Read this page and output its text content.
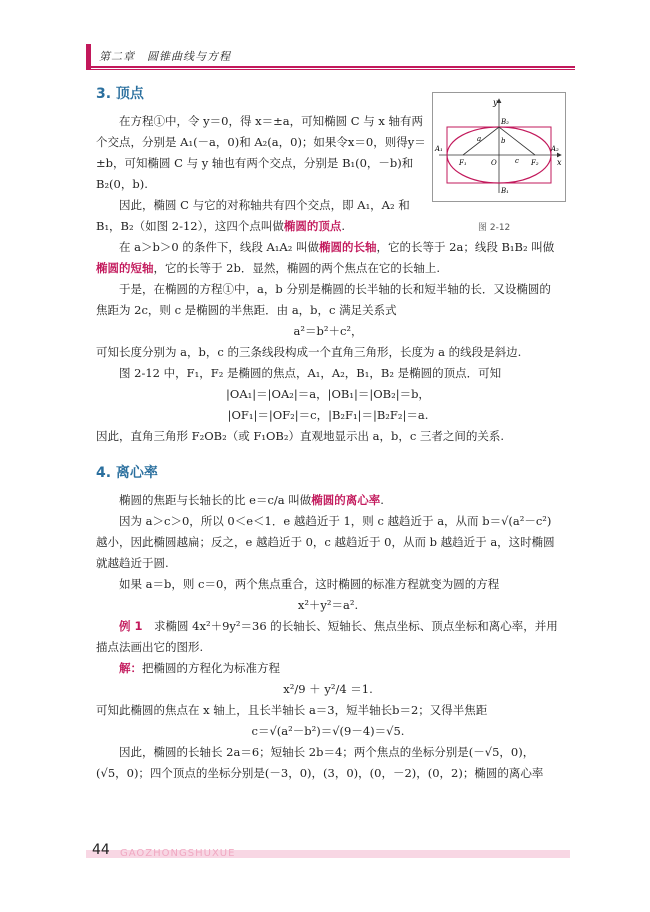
第二章　圆锥曲线与方程
y
x
B₂
B₁
A₁	A₂
F₁	F₂
O
a	b
c
图 2-12
3. 顶点

在方程①中，令 y＝0，得 x＝±a，可知椭圆 C 与 x 轴有两个交点，分别是 A₁(－a，0)和 A₂(a，0)；如果令x＝0，则得y＝±b，可知椭圆 C 与 y 轴也有两个交点，分别是 B₁(0，－b)和 B₂(0，b).

因此，椭圆 C 与它的对称轴共有四个交点，即 A₁，A₂ 和 B₁，B₂（如图 2-12），这四个点叫做椭圆的顶点.

在 a＞b＞0 的条件下，线段 A₁A₂ 叫做椭圆的长轴，它的长等于 2a；线段 B₁B₂ 叫做椭圆的短轴，它的长等于 2b．显然，椭圆的两个焦点在它的长轴上.

于是，在椭圆的方程①中，a，b 分别是椭圆的长半轴的长和短半轴的长．又设椭圆的焦距为 2c，则 c 是椭圆的半焦距．由 a，b，c 满足关系式

a²＝b²＋c²，

可知长度分别为 a，b，c 的三条线段构成一个直角三角形，长度为 a 的线段是斜边.

图 2-12 中，F₁，F₂ 是椭圆的焦点，A₁，A₂，B₁，B₂ 是椭圆的顶点．可知

|OA₁|＝|OA₂|＝a，|OB₁|＝|OB₂|＝b，

|OF₁|＝|OF₂|＝c，|B₂F₁|＝|B₂F₂|＝a.

因此，直角三角形 F₂OB₂（或 F₁OB₂）直观地显示出 a，b，c 三者之间的关系.

4. 离心率

椭圆的焦距与长轴长的比 e＝c/a 叫做椭圆的离心率.

因为 a＞c＞0，所以 0＜e＜1．e 越趋近于 1，则 c 越趋近于 a，从而 b＝√(a²－c²) 越小，因此椭圆越扁；反之，e 越趋近于 0，c 越趋近于 0，从而 b 越趋近于 a，这时椭圆就越趋近于圆.

如果 a＝b，则 c＝0，两个焦点重合，这时椭圆的标准方程就变为圆的方程

x²＋y²＝a².

例 1　 求椭圆 4x²＋9y²＝36 的长轴长、短轴长、焦点坐标、顶点坐标和离心率，并用描点法画出它的图形.

解：把椭圆的方程化为标准方程

x²/9 ＋ y²/4 ＝1.

可知此椭圆的焦点在 x 轴上，且长半轴长 a＝3，短半轴长b＝2；又得半焦距

c＝√(a²－b²)＝√(9－4)＝√5.

因此，椭圆的长轴长 2a＝6；短轴长 2b＝4；两个焦点的坐标分别是(－√5，0)，(√5，0)；四个顶点的坐标分别是(－3，0)，(3，0)，(0，－2)，(0，2)；椭圆的离心率

44 GAOZHONGSHUXUE
